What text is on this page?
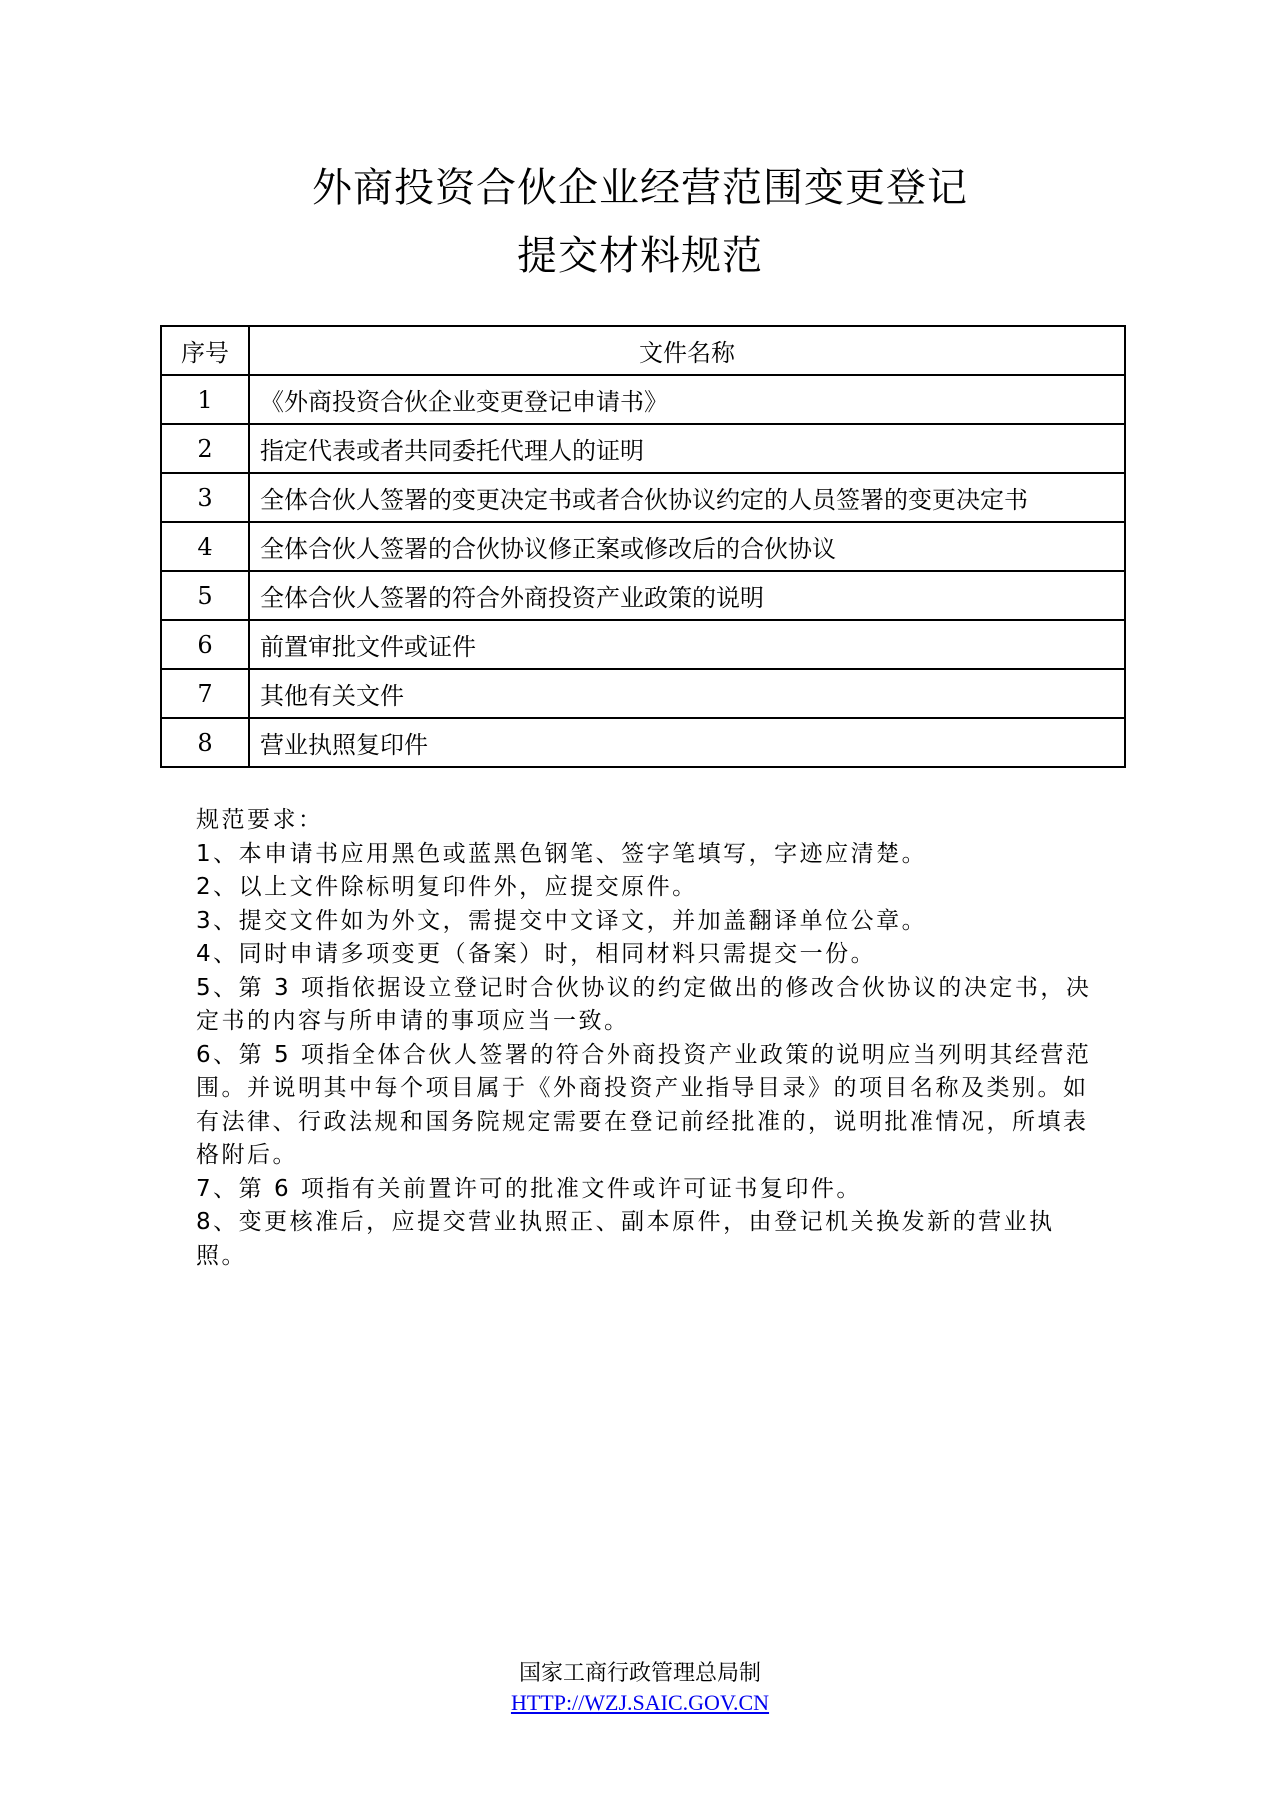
外商投资合伙企业经营范围变更登记
提交材料规范
序号	文件名称
1	《外商投资合伙企业变更登记申请书》
2	指定代表或者共同委托代理人的证明
3	全体合伙人签署的变更决定书或者合伙协议约定的人员签署的变更决定书
4	全体合伙人签署的合伙协议修正案或修改后的合伙协议
5	全体合伙人签署的符合外商投资产业政策的说明
6	前置审批文件或证件
7	其他有关文件
8	营业执照复印件

规范要求：

1、本申请书应用黑色或蓝黑色钢笔、签字笔填写，字迹应清楚。

2、以上文件除标明复印件外，应提交原件。

3、提交文件如为外文，需提交中文译文，并加盖翻译单位公章。

4、同时申请多项变更（备案）时，相同材料只需提交一份。

5、第 3 项指依据设立登记时合伙协议的约定做出的修改合伙协议的决定书，决定书的内容与所申请的事项应当一致。

6、第 5 项指全体合伙人签署的符合外商投资产业政策的说明应当列明其经营范围。并说明其中每个项目属于《外商投资产业指导目录》的项目名称及类别。如有法律、行政法规和国务院规定需要在登记前经批准的，说明批准情况，所填表格附后。

7、第 6 项指有关前置许可的批准文件或许可证书复印件。

8、变更核准后，应提交营业执照正、副本原件，由登记机关换发新的营业执照。

国家工商行政管理总局制
HTTP://WZJ.SAIC.GOV.CN
